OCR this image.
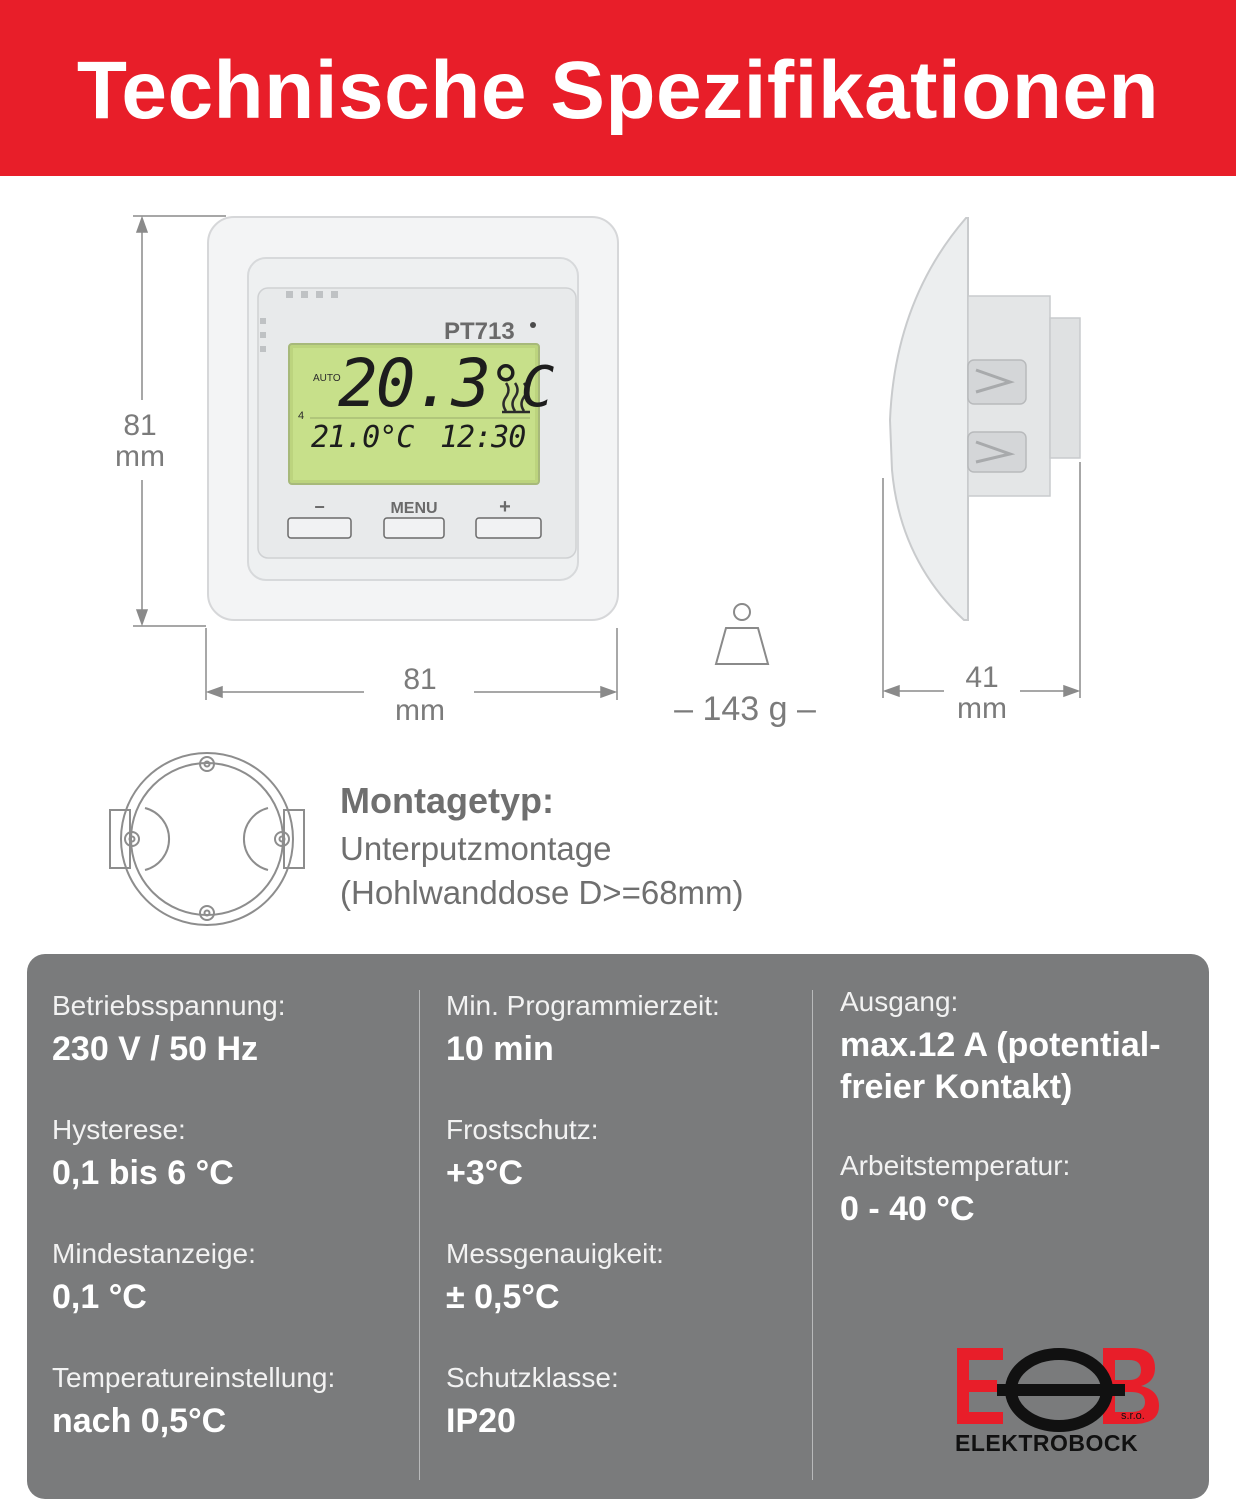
Technische Spezifikationen
PT713
AUTO
4 20.3°C
21.0°C 12:30
−	MENU	+
81
mm
81
mm
41
mm
– 143 g –
Montagetyp:
Unterputzmontage
(Hohlwanddose D>=68mm)
Betriebsspannung:
230 V / 50 Hz
Hysterese:
0,1 bis 6 °C
Mindestanzeige:
0,1 °C
Temperatureinstellung:
nach 0,5°C
Min. Programmierzeit:
10 min
Frostschutz:
+3°C
Messgenauigkeit:
± 0,5°C
Schutzklasse:
IP20
Ausgang:
max.12 A (potential-
freier Kontakt)
Arbeitstemperatur:
0 - 40 °C
s.r.o.
ELEKTROBOCK
